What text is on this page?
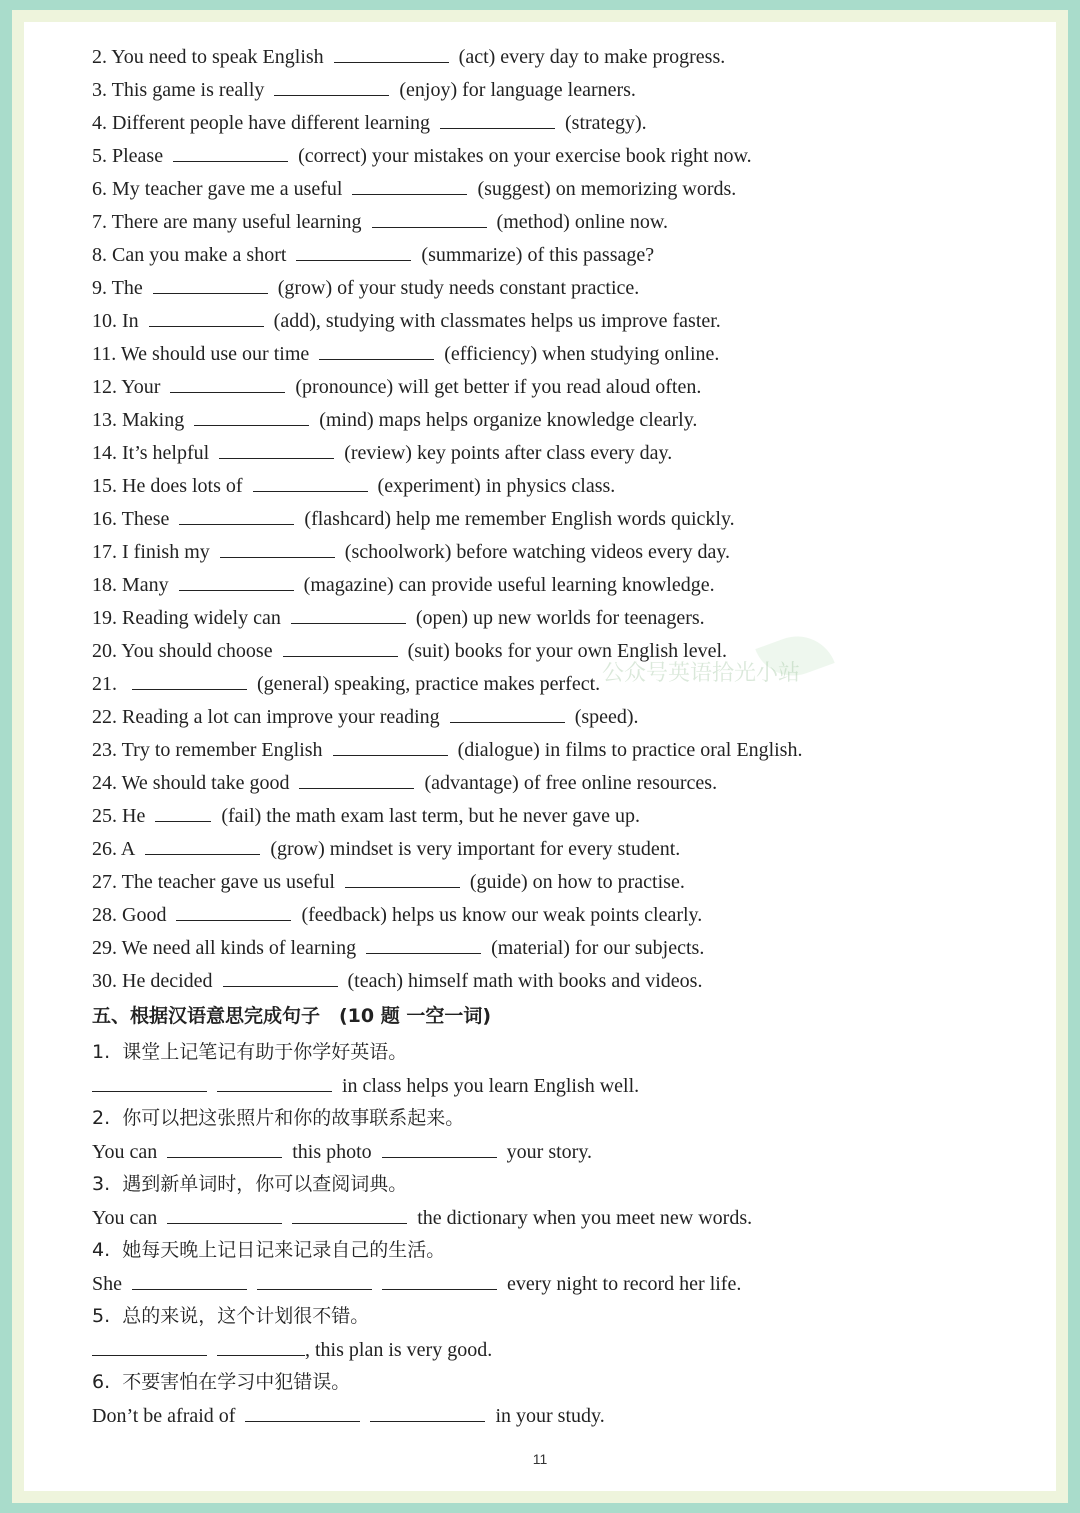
公众号英语拾光小站
2. You need to speak English	(act) every day to make progress.
3. This game is really	(enjoy) for language learners.
4. Different people have different learning	(strategy).
5. Please	(correct) your mistakes on your exercise book right now.
6. My teacher gave me a useful	(suggest) on memorizing words.
7. There are many useful learning	(method) online now.
8. Can you make a short	(summarize) of this passage?
9. The	(grow) of your study needs constant practice.
10. In	(add), studying with classmates helps us improve faster.
11. We should use our time	(efficiency) when studying online.
12. Your	(pronounce) will get better if you read aloud often.
13. Making	(mind) maps helps organize knowledge clearly.
14. It’s helpful	(review) key points after class every day.
15. He does lots of	(experiment) in physics class.
16. These	(flashcard) help me remember English words quickly.
17. I finish my	(schoolwork) before watching videos every day.
18. Many	(magazine) can provide useful learning knowledge.
19. Reading widely can	(open) up new worlds for teenagers.
20. You should choose	(suit) books for your own English level.
21.	(general) speaking, practice makes perfect.
22. Reading a lot can improve your reading	(speed).
23. Try to remember English	(dialogue) in films to practice oral English.
24. We should take good	(advantage) of free online resources.
25. He	(fail) the math exam last term, but he never gave up.
26. A	(grow) mindset is very important for every student.
27. The teacher gave us useful	(guide) on how to practise.
28. Good	(feedback) helps us know our weak points clearly.
29. We need all kinds of learning	(material) for our subjects.
30. He decided	(teach) himself math with books and videos.
五、根据汉语意思完成句子　(10 题 一空一词)
1. 课堂上记笔记有助于你学好英语。
in class helps you learn English well.
2. 你可以把这张照片和你的故事联系起来。
You can	this photo	your story.
3. 遇到新单词时，你可以查阅词典。
You can	the dictionary when you meet new words.
4. 她每天晚上记日记来记录自己的生活。
She	every night to record her life.
5. 总的来说，这个计划很不错。
, this plan is very good.
6. 不要害怕在学习中犯错误。
Don’t be afraid of	in your study.
11
